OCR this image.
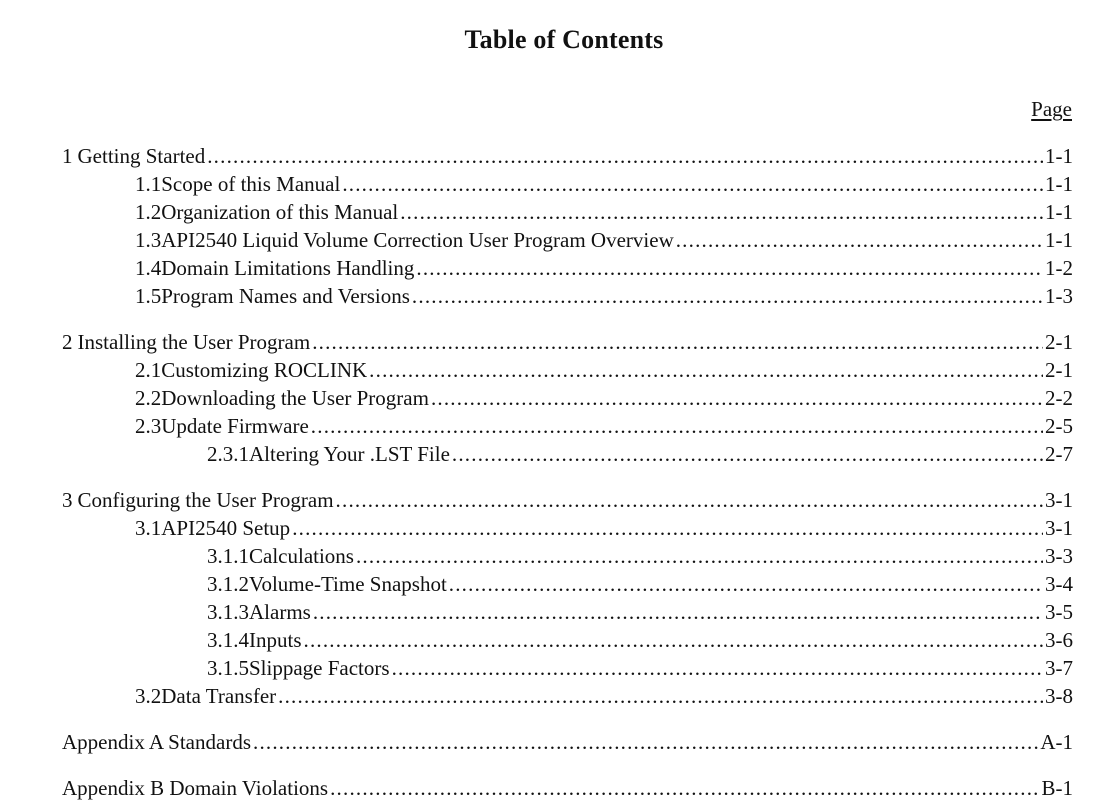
Table of Contents
Page
1 Getting Started .....	1-1
1.1 Scope of this Manual .....	1-1
1.2 Organization of this Manual .....	1-1
1.3 API2540 Liquid Volume Correction User Program Overview .....	1-1
1.4 Domain Limitations Handling .....	1-2
1.5 Program Names and Versions .....	1-3
2 Installing the User Program .....	2-1
2.1 Customizing ROCLINK .....	2-1
2.2 Downloading the User Program .....	2-2
2.3 Update Firmware .....	2-5
2.3.1 Altering Your .LST File .....	2-7
3 Configuring the User Program .....	3-1
3.1 API2540 Setup .....	3-1
3.1.1 Calculations .....	3-3
3.1.2 Volume-Time Snapshot .....	3-4
3.1.3 Alarms .....	3-5
3.1.4 Inputs .....	3-6
3.1.5 Slippage Factors .....	3-7
3.2 Data Transfer .....	3-8
Appendix A Standards .....	A-1
Appendix B Domain Violations .....	B-1
